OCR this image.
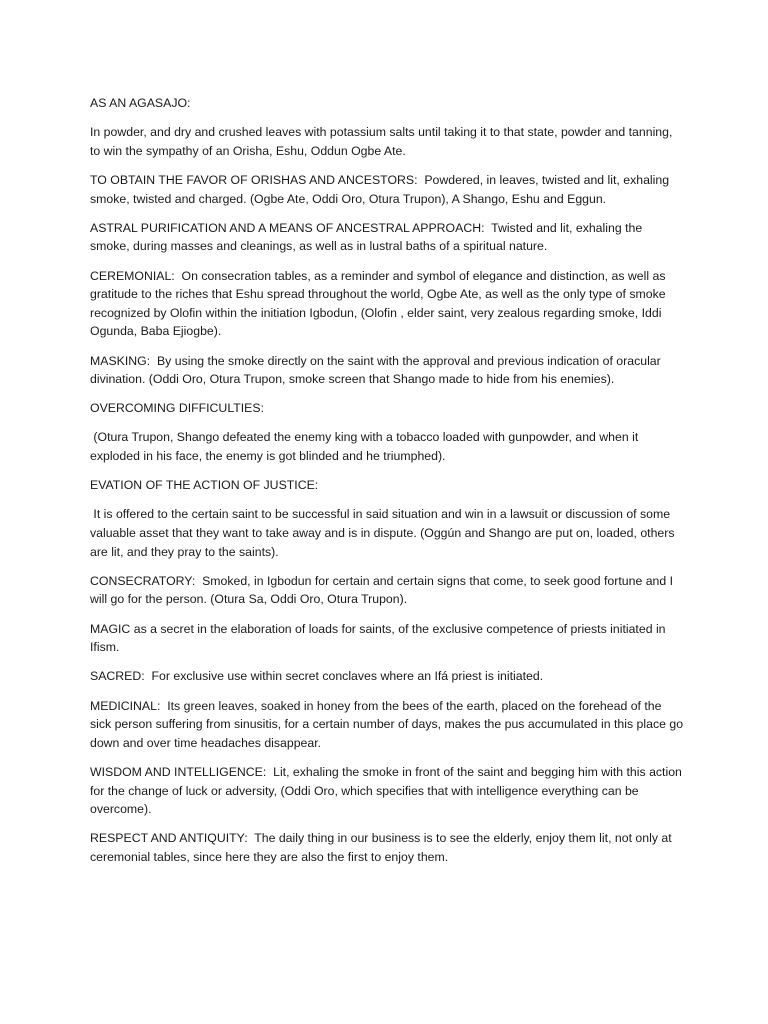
AS AN AGASAJO:

In powder, and dry and crushed leaves with potassium salts until taking it to that state, powder and tanning, to win the sympathy of an Orisha, Eshu, Oddun Ogbe Ate.

TO OBTAIN THE FAVOR OF ORISHAS AND ANCESTORS:  Powdered, in leaves, twisted and lit, exhaling smoke, twisted and charged. (Ogbe Ate, Oddi Oro, Otura Trupon), A Shango, Eshu and Eggun.

ASTRAL PURIFICATION AND A MEANS OF ANCESTRAL APPROACH:  Twisted and lit, exhaling the smoke, during masses and cleanings, as well as in lustral baths of a spiritual nature.

CEREMONIAL:  On consecration tables, as a reminder and symbol of elegance and distinction, as well as gratitude to the riches that Eshu spread throughout the world, Ogbe Ate, as well as the only type of smoke recognized by Olofin within the initiation Igbodun, (Olofin , elder saint, very zealous regarding smoke, Iddi Ogunda, Baba Ejiogbe).

MASKING:  By using the smoke directly on the saint with the approval and previous indication of oracular divination. (Oddi Oro, Otura Trupon, smoke screen that Shango made to hide from his enemies).

OVERCOMING DIFFICULTIES:

(Otura Trupon, Shango defeated the enemy king with a tobacco loaded with gunpowder, and when it exploded in his face, the enemy is got blinded and he triumphed).

EVATION OF THE ACTION OF JUSTICE:

It is offered to the certain saint to be successful in said situation and win in a lawsuit or discussion of some valuable asset that they want to take away and is in dispute. (Oggún and Shango are put on, loaded, others are lit, and they pray to the saints).

CONSECRATORY:  Smoked, in Igbodun for certain and certain signs that come, to seek good fortune and I will go for the person. (Otura Sa, Oddi Oro, Otura Trupon).

MAGIC as a secret in the elaboration of loads for saints, of the exclusive competence of priests initiated in Ifism.

SACRED:  For exclusive use within secret conclaves where an Ifá priest is initiated.

MEDICINAL:  Its green leaves, soaked in honey from the bees of the earth, placed on the forehead of the sick person suffering from sinusitis, for a certain number of days, makes the pus accumulated in this place go down and over time headaches disappear.

WISDOM AND INTELLIGENCE:  Lit, exhaling the smoke in front of the saint and begging him with this action for the change of luck or adversity, (Oddi Oro, which specifies that with intelligence everything can be overcome).

RESPECT AND ANTIQUITY:  The daily thing in our business is to see the elderly, enjoy them lit, not only at ceremonial tables, since here they are also the first to enjoy them.
